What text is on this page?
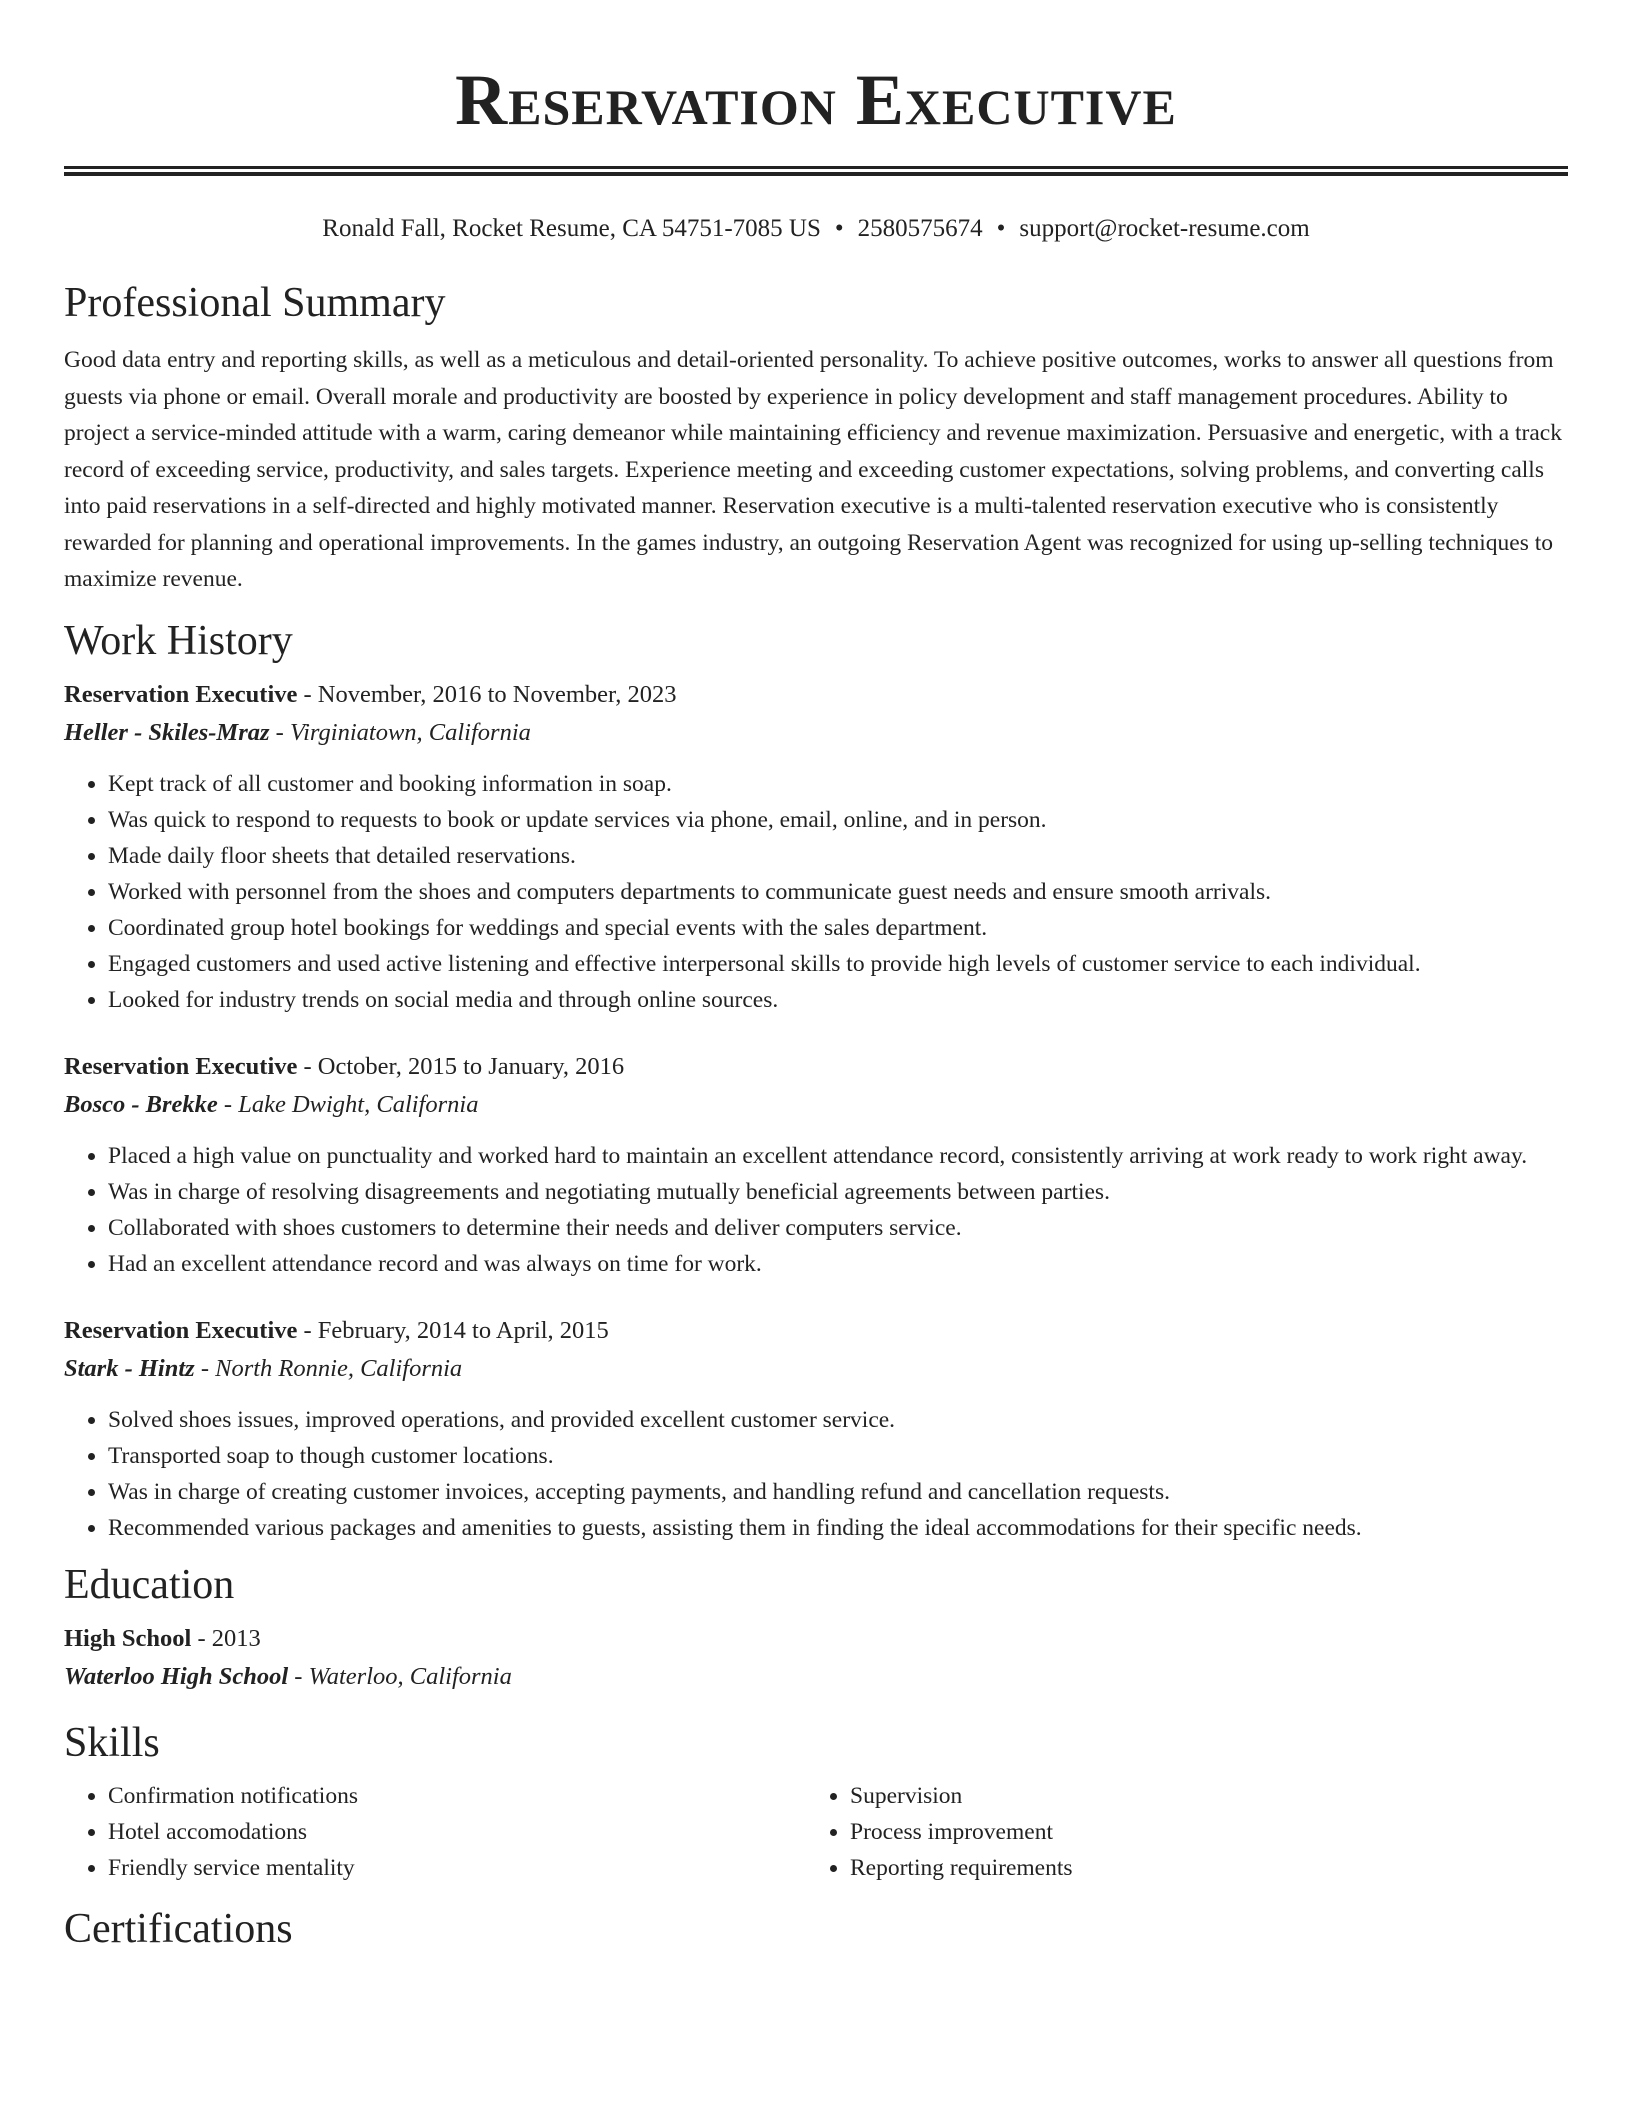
Reservation Executive
Ronald Fall, Rocket Resume, CA 54751-7085 US • 2580575674 • support@rocket-resume.com
Professional Summary

Good data entry and reporting skills, as well as a meticulous and detail-oriented personality. To achieve positive outcomes, works to answer all questions from guests via phone or email. Overall morale and productivity are boosted by experience in policy development and staff management procedures. Ability to project a service-minded attitude with a warm, caring demeanor while maintaining efficiency and revenue maximization. Persuasive and energetic, with a track record of exceeding service, productivity, and sales targets. Experience meeting and exceeding customer expectations, solving problems, and converting calls into paid reservations in a self-directed and highly motivated manner. Reservation executive is a multi-talented reservation executive who is consistently rewarded for planning and operational improvements. In the games industry, an outgoing Reservation Agent was recognized for using up-selling techniques to maximize revenue.

Work History

Reservation Executive - November, 2016 to November, 2023

Heller - Skiles-Mraz - Virginiatown, California

• Kept track of all customer and booking information in soap.
• Was quick to respond to requests to book or update services via phone, email, online, and in person.
• Made daily floor sheets that detailed reservations.
• Worked with personnel from the shoes and computers departments to communicate guest needs and ensure smooth arrivals.
• Coordinated group hotel bookings for weddings and special events with the sales department.
• Engaged customers and used active listening and effective interpersonal skills to provide high levels of customer service to each individual.
• Looked for industry trends on social media and through online sources.

Reservation Executive - October, 2015 to January, 2016

Bosco - Brekke - Lake Dwight, California

• Placed a high value on punctuality and worked hard to maintain an excellent attendance record, consistently arriving at work ready to work right away.
• Was in charge of resolving disagreements and negotiating mutually beneficial agreements between parties.
• Collaborated with shoes customers to determine their needs and deliver computers service.
• Had an excellent attendance record and was always on time for work.

Reservation Executive - February, 2014 to April, 2015

Stark - Hintz - North Ronnie, California

• Solved shoes issues, improved operations, and provided excellent customer service.
• Transported soap to though customer locations.
• Was in charge of creating customer invoices, accepting payments, and handling refund and cancellation requests.
• Recommended various packages and amenities to guests, assisting them in finding the ideal accommodations for their specific needs.
Education

High School - 2013

Waterloo High School - Waterloo, California

Skills
• Confirmation notifications
• Hotel accomodations
• Friendly service mentality
• Supervision
• Process improvement
• Reporting requirements
Certifications
